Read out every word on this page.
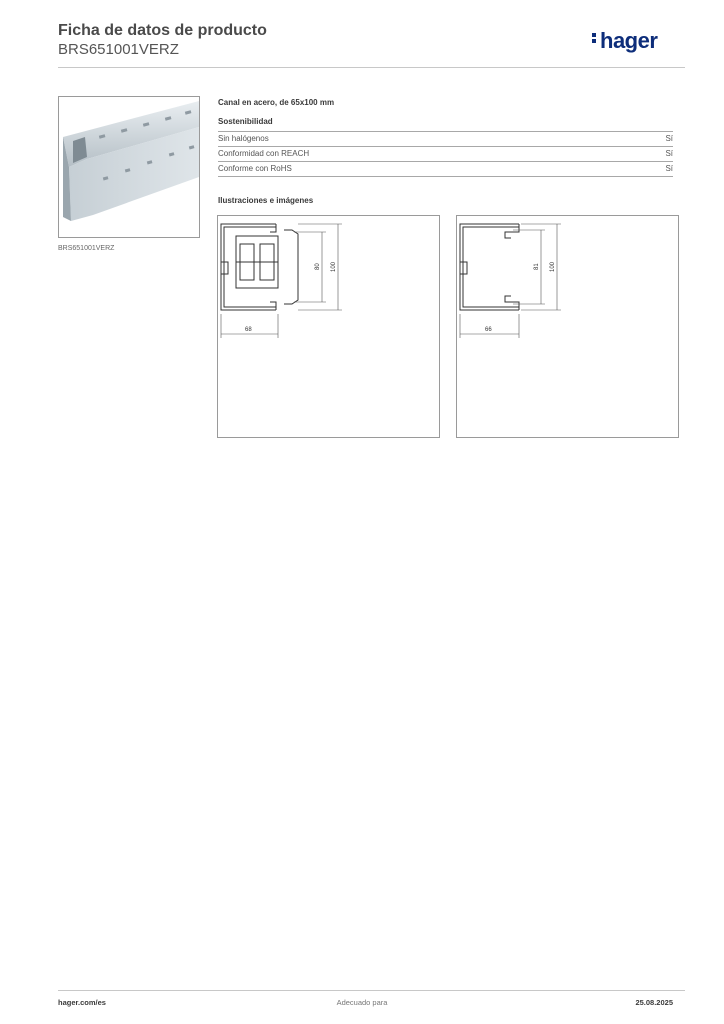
Ficha de datos de producto
BRS651001VERZ	hager
BRS651001VERZ
Canal en acero, de 65x100 mm
Sostenibilidad
Sin halógenos	Sí
Conformidad con REACH	Sí
Conforme con RoHS	Sí
Ilustraciones e imágenes
68
80 100
66
81 100
hager.com/es	Adecuado para	25.08.2025
